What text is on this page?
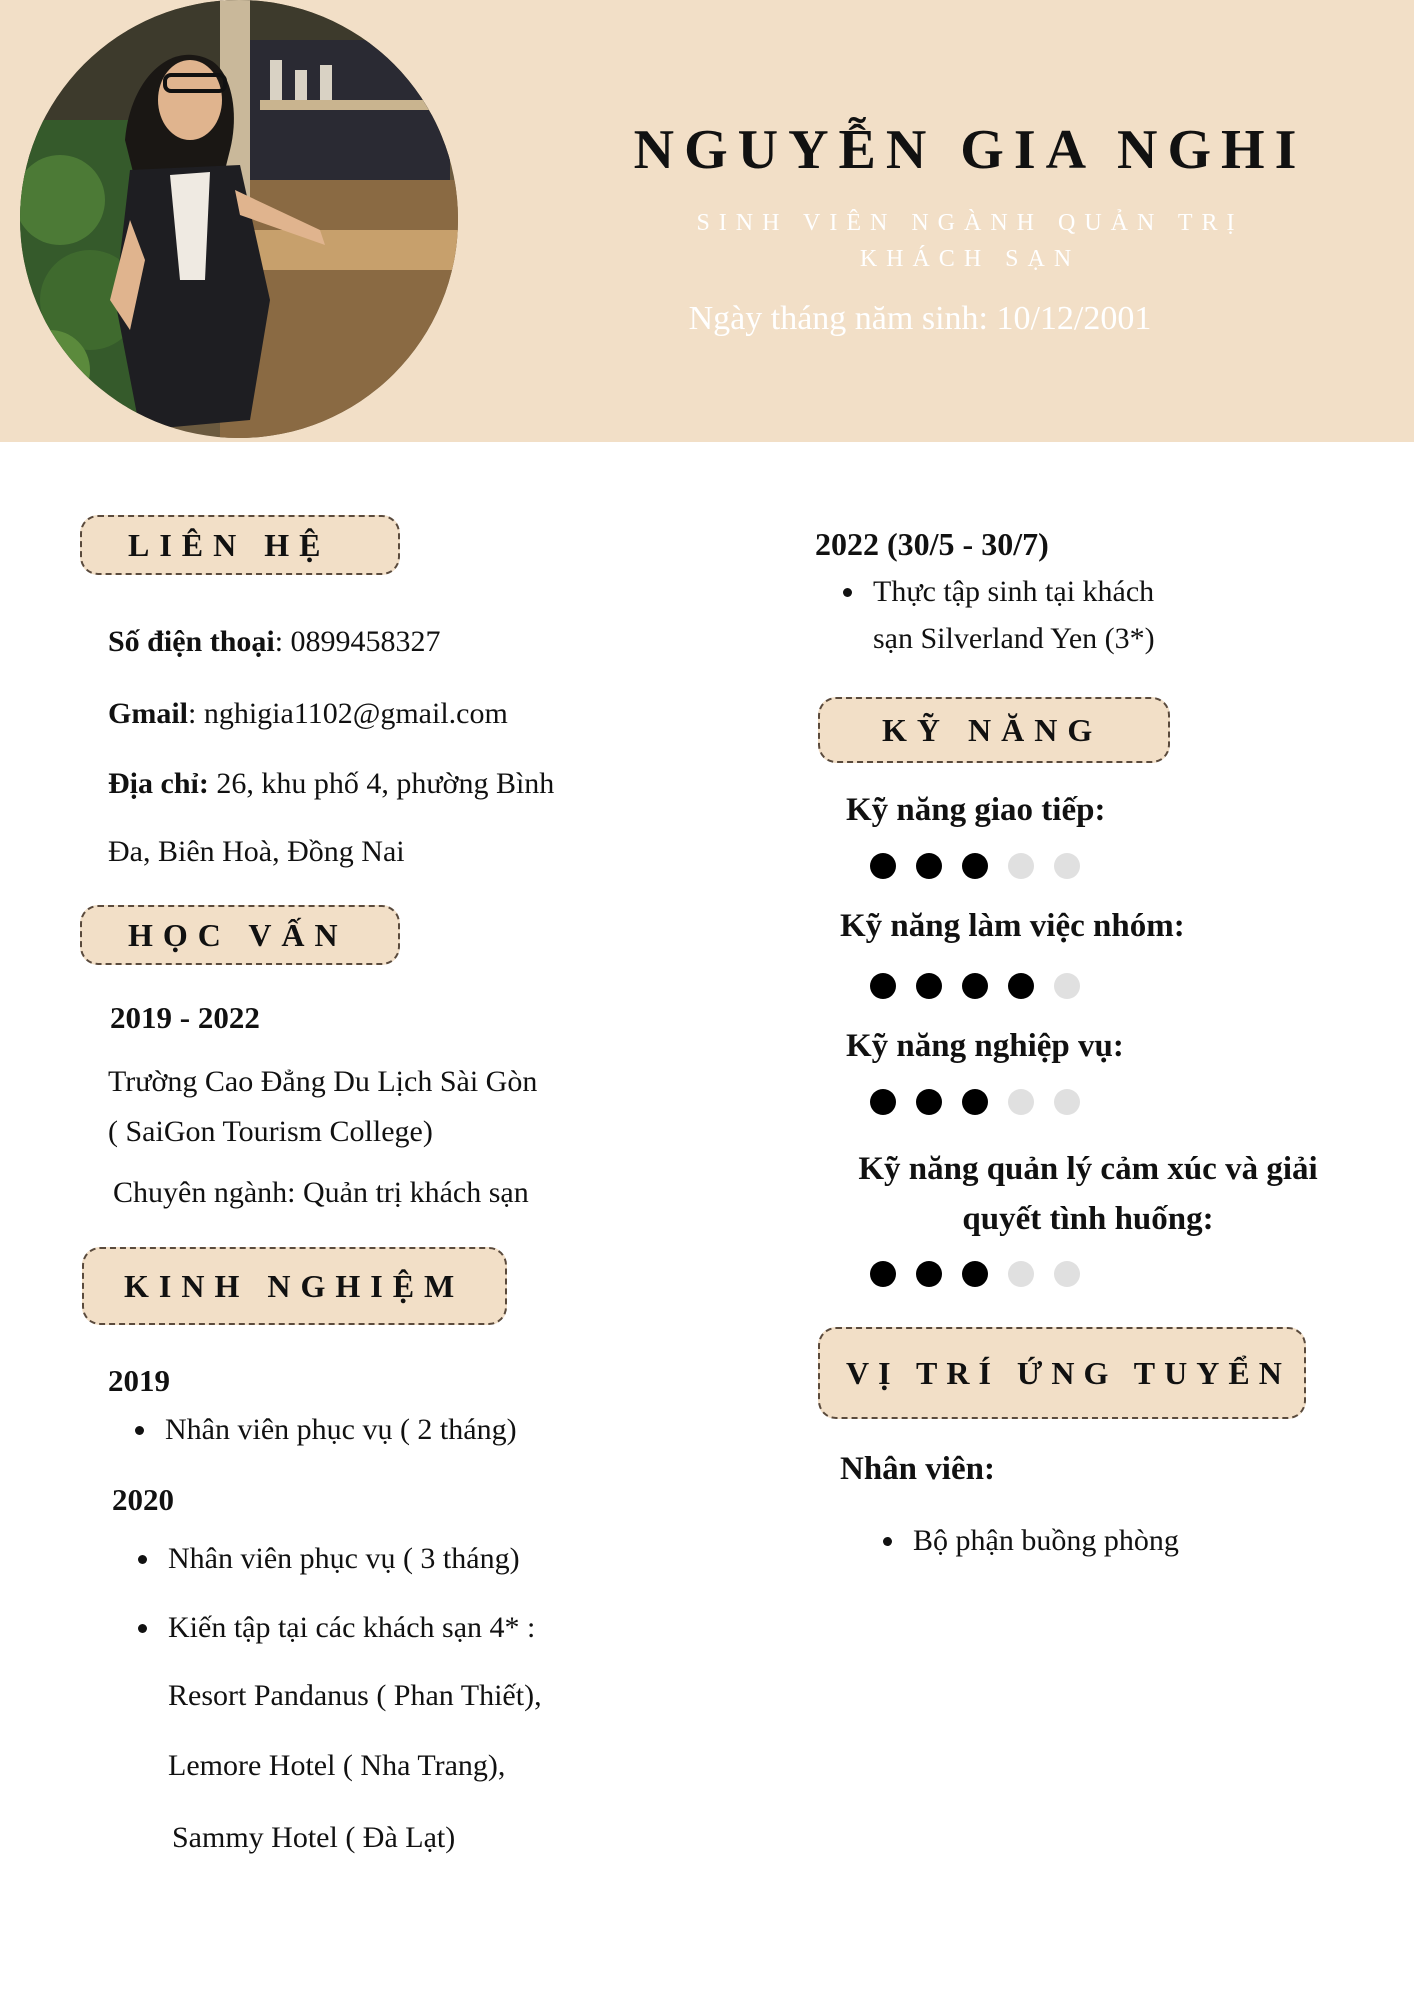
NGUYỄN GIA NGHI
SINH VIÊN NGÀNH QUẢN TRỊ KHÁCH SẠN
Ngày tháng năm sinh: 10/12/2001
LIÊN HỆ
Số điện thoại: 0899458327
Gmail: nghigia1102@gmail.com
Địa chỉ: 26, khu phố 4, phường Bình
Đa, Biên Hoà, Đồng Nai
HỌC VẤN
2019 - 2022
Trường Cao Đẳng Du Lịch Sài Gòn
( SaiGon Tourism College)
Chuyên ngành: Quản trị khách sạn
KINH NGHIỆM
2019
Nhân viên phục vụ ( 2 tháng)
2020
Nhân viên phục vụ ( 3 tháng)
Kiến tập tại các khách sạn 4* :
Resort Pandanus ( Phan Thiết),
Lemore Hotel ( Nha Trang),
Sammy Hotel ( Đà Lạt)
2022 (30/5 - 30/7)
Thực tập sinh tại khách
sạn Silverland Yen (3*)
KỸ NĂNG
Kỹ năng giao tiếp:
Kỹ năng làm việc nhóm:
Kỹ năng nghiệp vụ:
Kỹ năng quản lý cảm xúc và giải
quyết tình huống:
VỊ TRÍ ỨNG TUYỂN
Nhân viên:
Bộ phận buồng phòng
